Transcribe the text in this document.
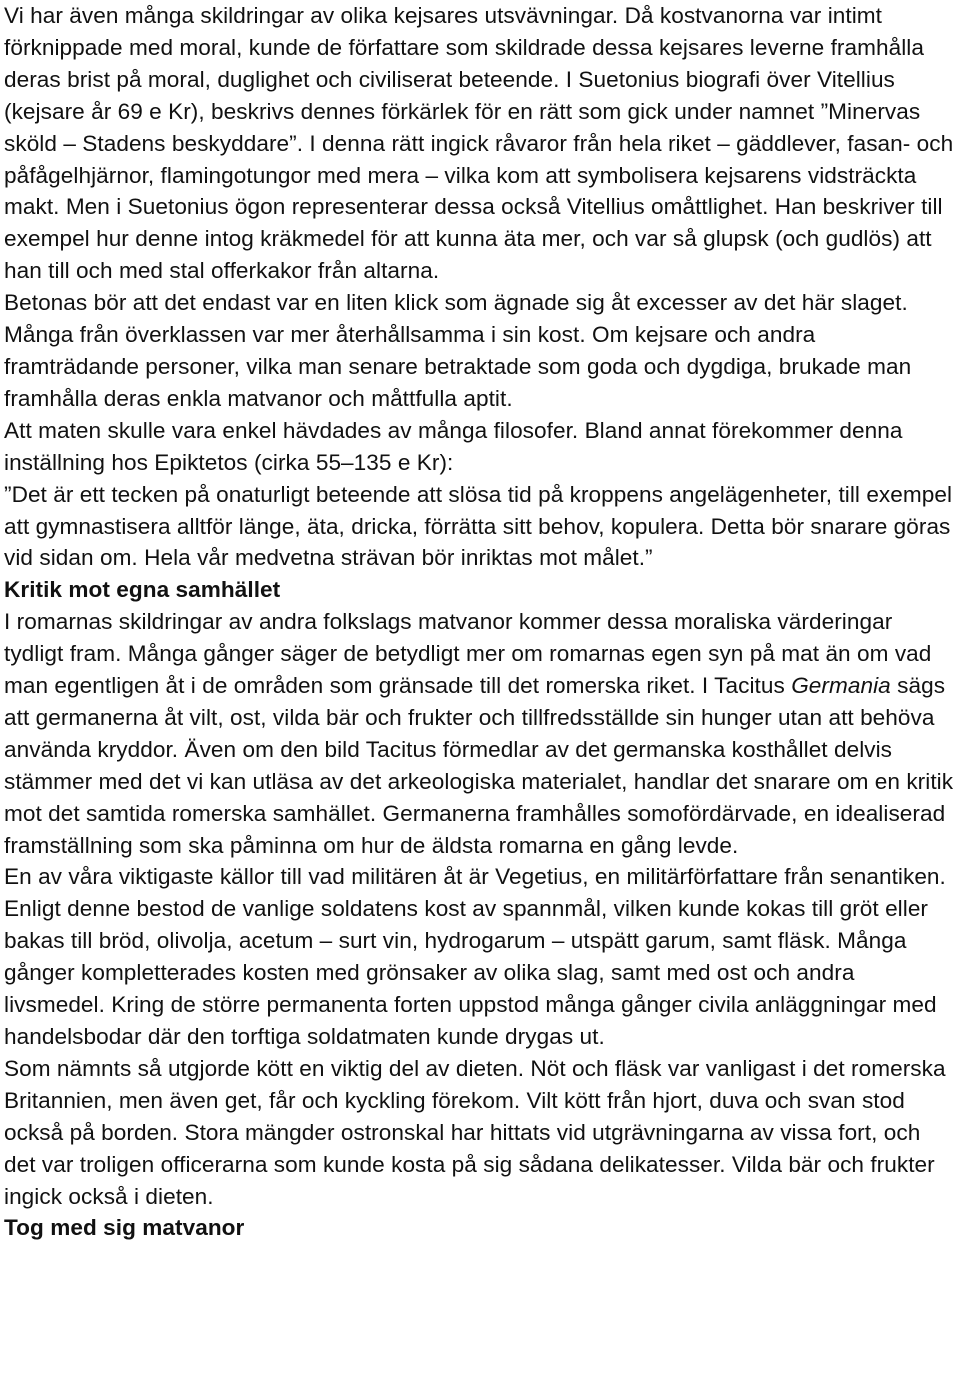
Vi har även många skildringar av olika kejsares utsvävningar. Då kostvanorna var intimt förknippade med moral, kunde de författare som skildrade dessa kejsares leverne framhålla deras brist på moral, duglighet och civiliserat beteende. I Suetonius biografi över Vitellius (kejsare år 69 e Kr), beskrivs dennes förkärlek för en rätt som gick under namnet ”Minervas sköld – Stadens beskyddare”. I denna rätt ingick råvaror från hela riket – gäddlever, fasan- och påfågelhjärnor, flamingotungor med mera – vilka kom att symbolisera kejsarens vidsträckta makt. Men i Suetonius ögon representerar dessa också Vitellius omåttlighet. Han beskriver till exempel hur denne intog kräkmedel för att kunna äta mer, och var så glupsk (och gudlös) att han till och med stal offerkakor från altarna.

Betonas bör att det endast var en liten klick som ägnade sig åt excesser av det här slaget. Många från överklassen var mer återhållsamma i sin kost. Om kejsare och andra framträdande personer, vilka man senare betraktade som goda och dygdiga, brukade man framhålla deras enkla matvanor och måttfulla aptit.

Att maten skulle vara enkel hävdades av många filosofer. Bland annat förekommer denna inställning hos Epiktetos (cirka 55–135 e Kr):

”Det är ett tecken på onaturligt beteende att slösa tid på kroppens angelägenheter, till exempel att gymnastisera alltför länge, äta, dricka, förrätta sitt behov, kopulera. Detta bör snarare göras vid sidan om. Hela vår medvetna strävan bör inriktas mot målet.”

Kritik mot egna samhället

I romarnas skildringar av andra folkslags matvanor kommer dessa moraliska värderingar tydligt fram. Många gånger säger de betydligt mer om romarnas egen syn på mat än om vad man egentligen åt i de områden som gränsade till det romerska riket. I Tacitus Germania sägs att germanerna åt vilt, ost, vilda bär och frukter och tillfredsställde sin hunger utan att behöva använda kryddor. Även om den bild Tacitus förmedlar av det germanska kosthållet delvis stämmer med det vi kan utläsa av det arkeologiska materialet, handlar det snarare om en kritik mot det samtida romerska samhället. Germanerna framhålles somofördärvade, en idealiserad framställning som ska påminna om hur de äldsta romarna en gång levde.

En av våra viktigaste källor till vad militären åt är Vegetius, en militärförfattare från senantiken. Enligt denne bestod de vanlige soldatens kost av spannmål, vilken kunde kokas till gröt eller bakas till bröd, olivolja, acetum – surt vin, hydrogarum – utspätt garum, samt fläsk. Många gånger kompletterades kosten med grönsaker av olika slag, samt med ost och andra livsmedel. Kring de större permanenta forten uppstod många gånger civila anläggningar med handelsbodar där den torftiga soldatmaten kunde drygas ut.

Som nämnts så utgjorde kött en viktig del av dieten. Nöt och fläsk var vanligast i det romerska Britannien, men även get, får och kyckling förekom. Vilt kött från hjort, duva och svan stod också på borden. Stora mängder ostronskal har hittats vid utgrävningarna av vissa fort, och det var troligen officerarna som kunde kosta på sig sådana delikatesser. Vilda bär och frukter ingick också i dieten.

Tog med sig matvanor
